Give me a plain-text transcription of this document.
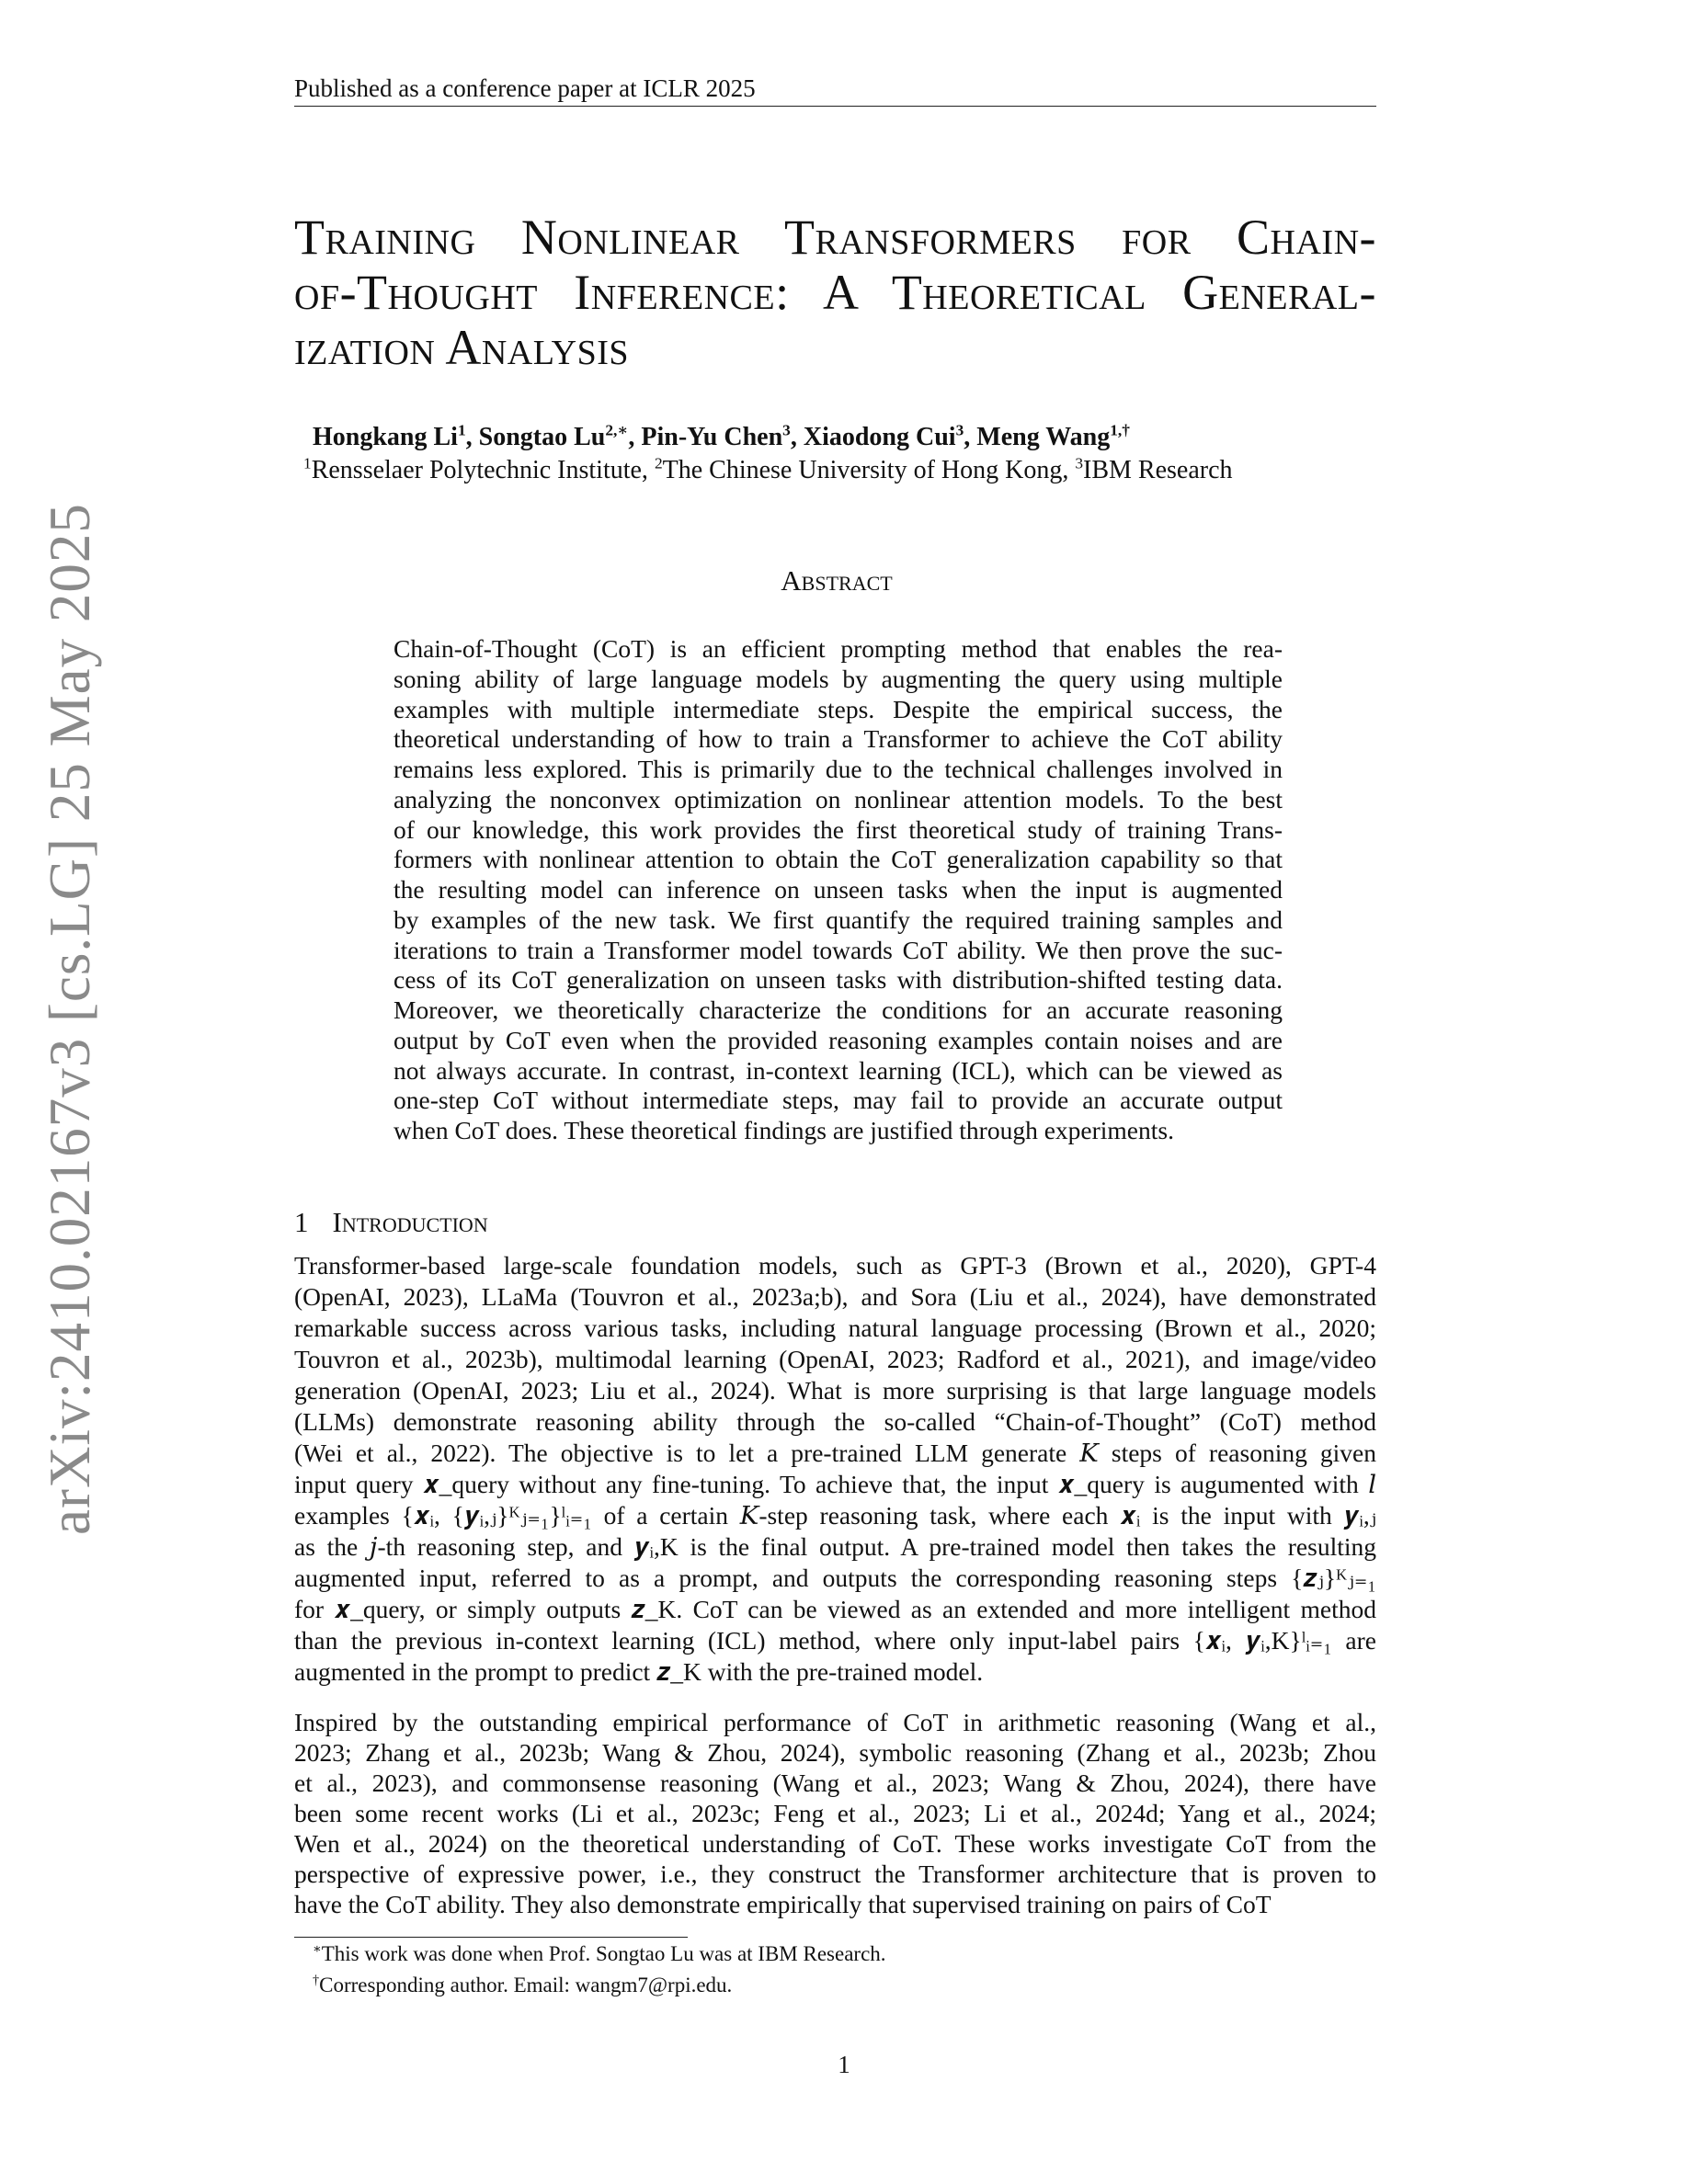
arXiv:2410.02167v3 [cs.LG] 25 May 2025
Published as a conference paper at ICLR 2025
Training Nonlinear Transformers for Chain-
of-Thought Inference: A Theoretical General-
ization Analysis
Hongkang Li$^1$, Songtao $Lu^{2,∗}$, Pin-Yu Chen$^3$, Xiaodong Cui$^3$, Meng Wang$^{1,\dagger}$
$^1$Rensselaer Polytechnic Institute, $^2$The Chinese University of Hong Kong, $^3$IBM Research
Abstract
Chain-of-Thought (CoT) is an efficient prompting method that enables the rea-
soning ability of large language models by augmenting the query using multiple
examples with multiple intermediate steps. Despite the empirical success, the
theoretical understanding of how to train a Transformer to achieve the CoT ability
remains less explored. This is primarily due to the technical challenges involved in
analyzing the nonconvex optimization on nonlinear attention models. To the best
of our knowledge, this work provides the first theoretical study of training Trans-
formers with nonlinear attention to obtain the CoT generalization capability so that
the resulting model can inference on unseen tasks when the input is augmented
by examples of the new task. We first quantify the required training samples and
iterations to train a Transformer model towards CoT ability. We then prove the suc-
cess of its CoT generalization on unseen tasks with distribution-shifted testing data.
Moreover, we theoretically characterize the conditions for an accurate reasoning
output by CoT even when the provided reasoning examples contain noises and are
not always accurate. In contrast, in-context learning (ICL), which can be viewed as
one-step CoT without intermediate steps, may fail to provide an accurate output
when CoT does. These theoretical findings are justified through experiments.
1 Introduction
Transformer-based large-scale foundation models, such as GPT-3 (Brown et al., 2020), GPT-4
(OpenAI, 2023), LLaMa (Touvron et al., 2023a;b), and Sora (Liu et al., 2024), have demonstrated
remarkable success across various tasks, including natural language processing (Brown et al., 2020;
Touvron et al., 2023b), multimodal learning (OpenAI, 2023; Radford et al., 2021), and image/video
generation (OpenAI, 2023; Liu et al., 2024). What is more surprising is that large language models
(LLMs) demonstrate reasoning ability through the so-called “Chain-of-Thought” (CoT) method
(Wei et al., 2022). The objective is to let a pre-trained LLM generate 𝐾 steps of reasoning given
input query 𝒙_query without any fine-tuning. To achieve that, the input 𝒙_query is augumented with 𝑙
examples {𝒙ᵢ, {𝒚ᵢ,ⱼ}ᴷⱼ₌₁}ˡᵢ₌₁ of a certain 𝐾-step reasoning task, where each 𝒙ᵢ is the input with 𝒚ᵢ,ⱼ
as the 𝑗-th reasoning step, and 𝒚ᵢ,K is the final output. A pre-trained model then takes the resulting
augmented input, referred to as a prompt, and outputs the corresponding reasoning steps {𝒛ⱼ}ᴷⱼ₌₁
for 𝒙_query, or simply outputs 𝒛_K. CoT can be viewed as an extended and more intelligent method
than the previous in-context learning (ICL) method, where only input-label pairs {𝒙ᵢ, 𝒚ᵢ,K}ˡᵢ₌₁ are
augmented in the prompt to predict 𝒛_K with the pre-trained model.
Inspired by the outstanding empirical performance of CoT in arithmetic reasoning (Wang et al.,
2023; Zhang et al., 2023b; Wang & Zhou, 2024), symbolic reasoning (Zhang et al., 2023b; Zhou
et al., 2023), and commonsense reasoning (Wang et al., 2023; Wang & Zhou, 2024), there have
been some recent works (Li et al., 2023c; Feng et al., 2023; Li et al., 2024d; Yang et al., 2024;
Wen et al., 2024) on the theoretical understanding of CoT. These works investigate CoT from the
perspective of expressive power, i.e., they construct the Transformer architecture that is proven to
have the CoT ability. They also demonstrate empirically that supervised training on pairs of CoT
∗This work was done when Prof. Songtao Lu was at IBM Research.
†Corresponding author. Email: wangm7@rpi.edu.
1
